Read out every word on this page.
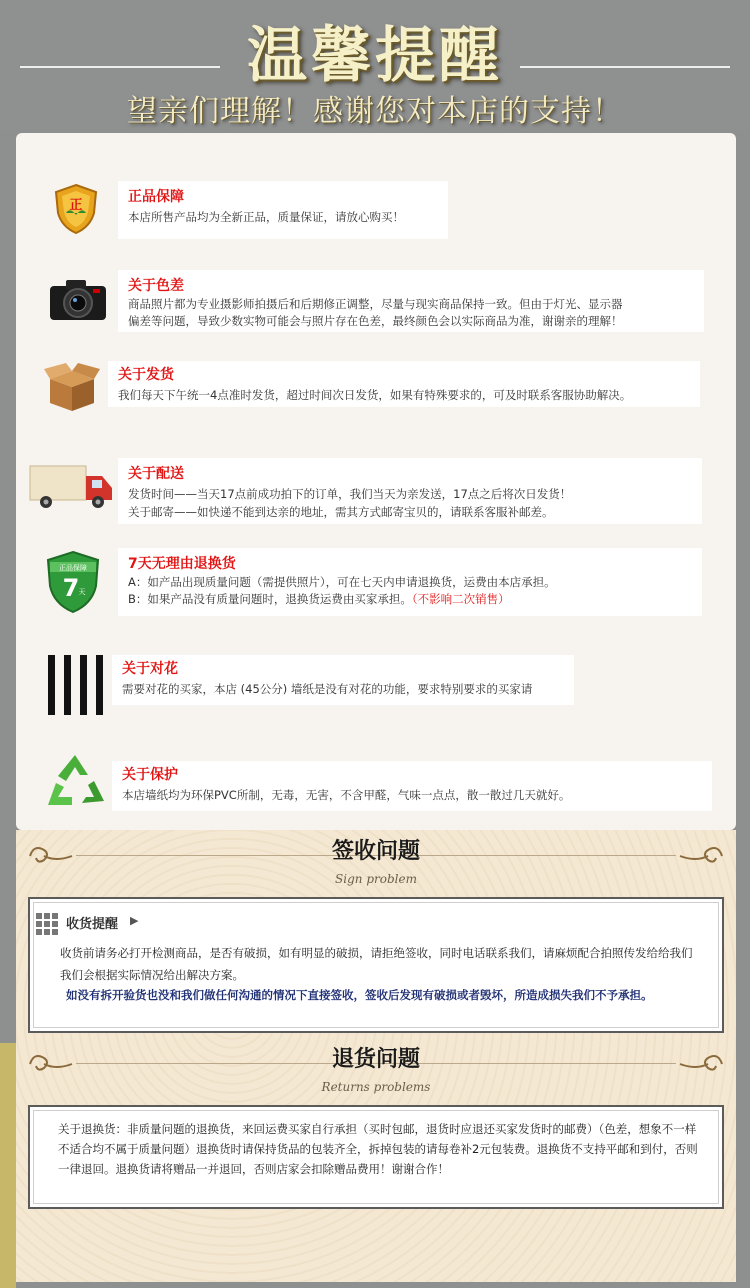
温馨提醒
望亲们理解！感谢您对本店的支持！
正
正品保障
本店所售产品均为全新正品，质量保证，请放心购买！
关于色差
商品照片都为专业摄影师拍摄后和后期修正调整，尽量与现实商品保持一致。但由于灯光、显示器
偏差等问题，导致少数实物可能会与照片存在色差，最终颜色会以实际商品为准，谢谢亲的理解！
关于发货
我们每天下午统一4点准时发货，超过时间次日发货，如果有特殊要求的，可及时联系客服协助解决。
关于配送
发货时间——当天17点前成功拍下的订单，我们当天为亲发送，17点之后将次日发货！
关于邮寄——如快递不能到达亲的地址，需其方式邮寄宝贝的，请联系客服补邮差。
正品保障
7 天
7天无理由退换货
A：如产品出现质量问题（需提供照片），可在七天内申请退换货，运费由本店承担。
B：如果产品没有质量问题时，退换货运费由买家承担。（不影响二次销售）
关于对花
需要对花的买家，本店 (45公分) 墙纸是没有对花的功能，要求特别要求的买家请
关于保护
本店墙纸均为环保PVC所制，无毒，无害，不含甲醛，气味一点点，散一散过几天就好。
签收问题
Sign problem
收货提醒 ▶
收货前请务必打开检测商品，是否有破损，如有明显的破损，请拒绝签收，同时电话联系我们，请麻烦配合拍照传发给给我们
我们会根据实际情况给出解决方案。
如没有拆开验货也没和我们做任何沟通的情况下直接签收，签收后发现有破损或者毁坏，所造成损失我们不予承担。
退货问题
Returns problems
关于退换货：非质量问题的退换货，来回运费买家自行承担（买时包邮，退货时应退还买家发货时的邮费）（色差，想象不一样
不适合均不属于质量问题）退换货时请保持货品的包装齐全，拆掉包装的请每卷补2元包装费。退换货不支持平邮和到付，否则
一律退回。退换货请将赠品一并退回，否则店家会扣除赠品费用！谢谢合作！
